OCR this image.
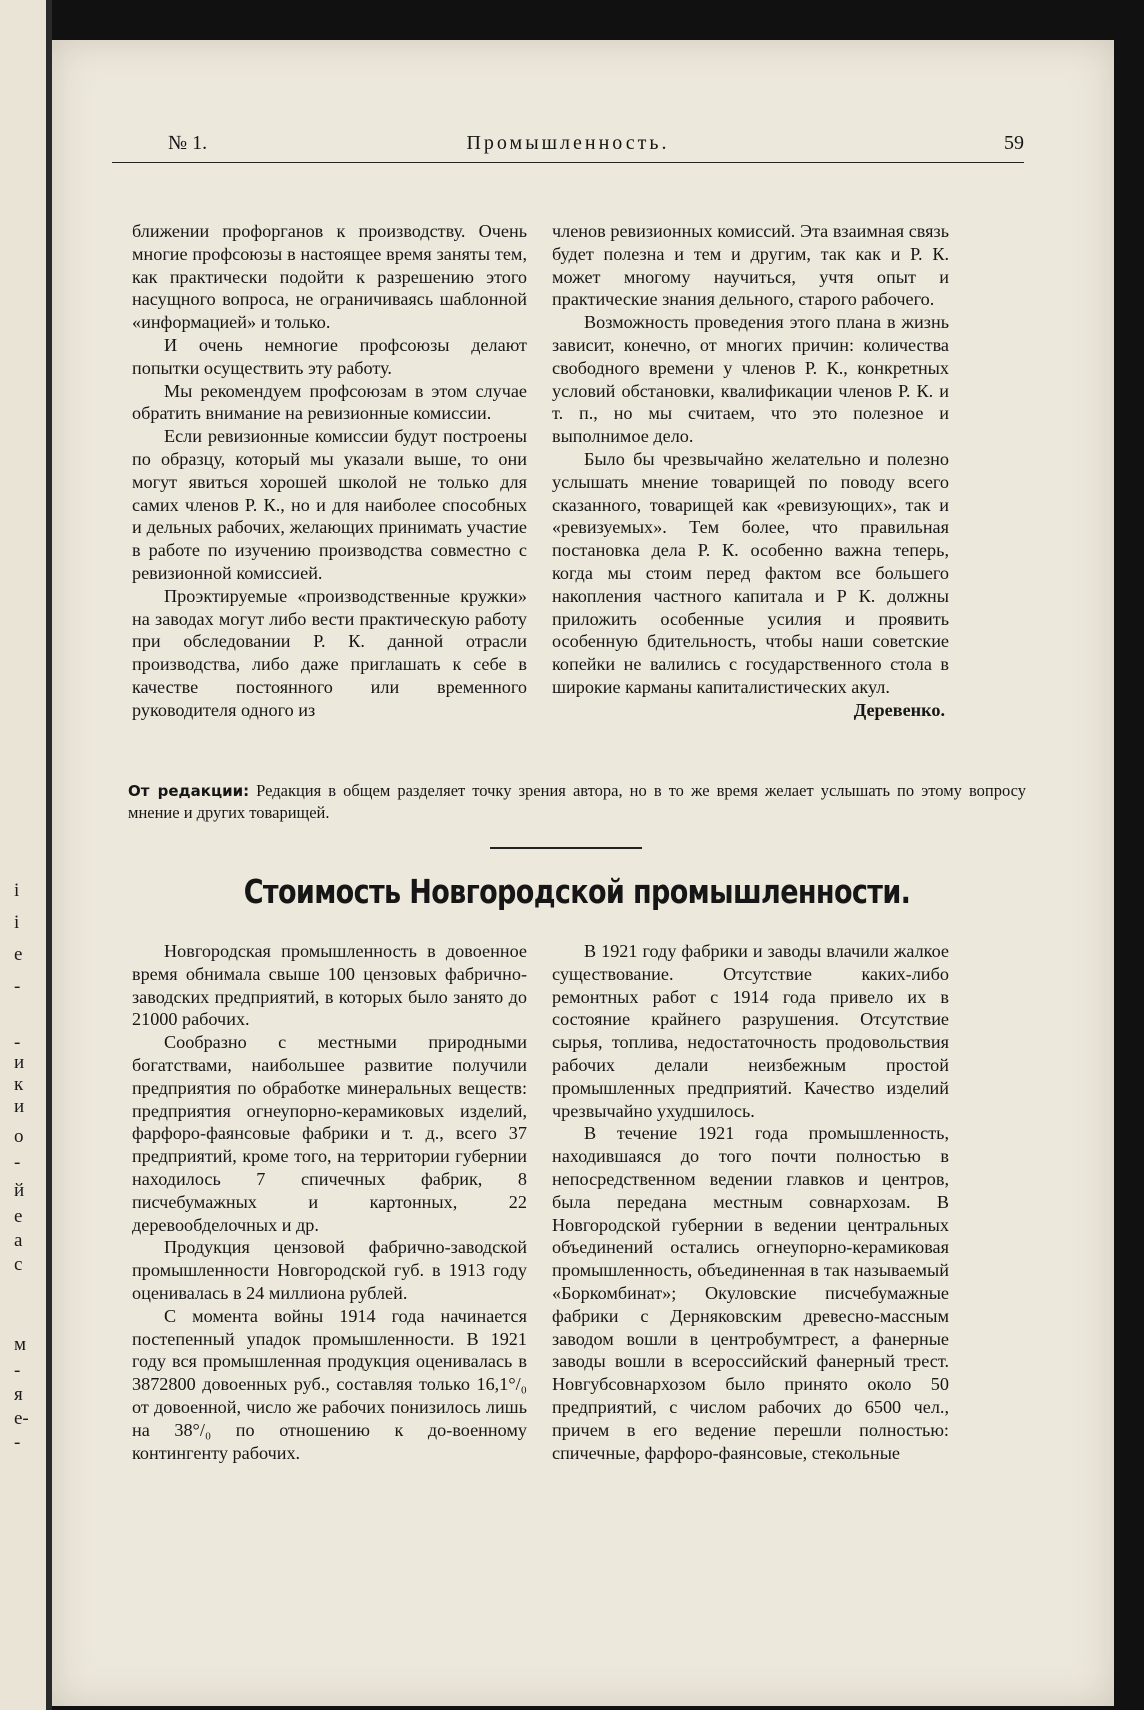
і
і
е
-
-
и
к
и
о
-
й
е
а
с
м
-
я
е-
-
№ 1.	Промышленность.	59

ближении профорганов к производству. Очень многие профсоюзы в настоящее время заняты тем, как практически подойти к разрешению этого насущного вопроса, не ограничиваясь шаблонной «информацией» и только.

И очень немногие профсоюзы делают попытки осуществить эту работу.

Мы рекомендуем профсоюзам в этом случае обратить внимание на ревизионные комиссии.

Если ревизионные комиссии будут построены по образцу, который мы указали выше, то они могут явиться хорошей школой не только для самих членов Р. К., но и для наиболее способных и дельных рабочих, желающих принимать участие в работе по изучению производства совместно с ревизионной комиссией.

Проэктируемые «производственные кружки» на заводах могут либо вести практическую работу при обследовании Р. К. данной отрасли производства, либо даже приглашать к себе в качестве постоянного или временного руководителя одного из

членов ревизионных комиссий. Эта взаимная связь будет полезна и тем и другим, так как и Р. К. может многому научиться, учтя опыт и практические знания дельного, старого рабочего.

Возможность проведения этого плана в жизнь зависит, конечно, от многих причин: количества свободного времени у членов Р. К., конкретных условий обстановки, квалификации членов Р. К. и т. п., но мы считаем, что это полезное и выполнимое дело.

Было бы чрезвычайно желательно и полезно услышать мнение товарищей по поводу всего сказанного, товарищей как «ревизующих», так и «ревизуемых». Тем более, что правильная постановка дела Р. К. особенно важна теперь, когда мы стоим перед фактом все большего накопления частного капитала и Р К. должны приложить особенные усилия и проявить особенную бдительность, чтобы наши советские копейки не валились с государственного стола в широкие карманы капиталистических акул.

Деревенко.
От редакции: Редакция в общем разделяет точку зрения автора, но в то же время желает услышать по этому вопросу мнение и других товарищей.
Стоимость Новгородской промышленности.

Новгородская промышленность в довоенное время обнимала свыше 100 цензовых фабрично-заводских предприятий, в которых было занято до 21000 рабочих.

Сообразно с местными природными богатствами, наибольшее развитие получили предприятия по обработке минеральных веществ: предприятия огнеупорно-керамиковых изделий, фарфоро-фаянсовые фабрики и т. д., всего 37 предприятий, кроме того, на территории губернии находилось 7 спичечных фабрик, 8 писчебумажных и картонных, 22 деревообделочных и др.

Продукция цензовой фабрично-заводской промышленности Новгородской губ. в 1913 году оценивалась в 24 миллиона рублей.

С момента войны 1914 года начинается постепенный упадок промышленности. В 1921 году вся промышленная продукция оценивалась в 3872800 довоенных руб., составляя только 16,1°/₀ от довоенной, число же рабочих понизилось лишь на 38°/₀ по отношению к до-военному контингенту рабочих.

В 1921 году фабрики и заводы влачили жалкое существование. Отсутствие каких-либо ремонтных работ с 1914 года привело их в состояние крайнего разрушения. Отсутствие сырья, топлива, недостаточность продовольствия рабочих делали неизбежным простой промышленных предприятий. Качество изделий чрезвычайно ухудшилось.

В течение 1921 года промышленность, находившаяся до того почти полностью в непосредственном ведении главков и центров, была передана местным совнархозам. В Новгородской губернии в ведении центральных объединений остались огнеупорно-керамиковая промышленность, объединенная в так называемый «Боркомбинат»; Окуловские писчебумажные фабрики с Дерняковским древесно-массным заводом вошли в центробумтрест, а фанерные заводы вошли в всероссийский фанерный трест. Новгубсовнархозом было принято около 50 предприятий, с числом рабочих до 6500 чел., причем в его ведение перешли полностью: спичечные, фарфоро-фаянсовые, стекольные
